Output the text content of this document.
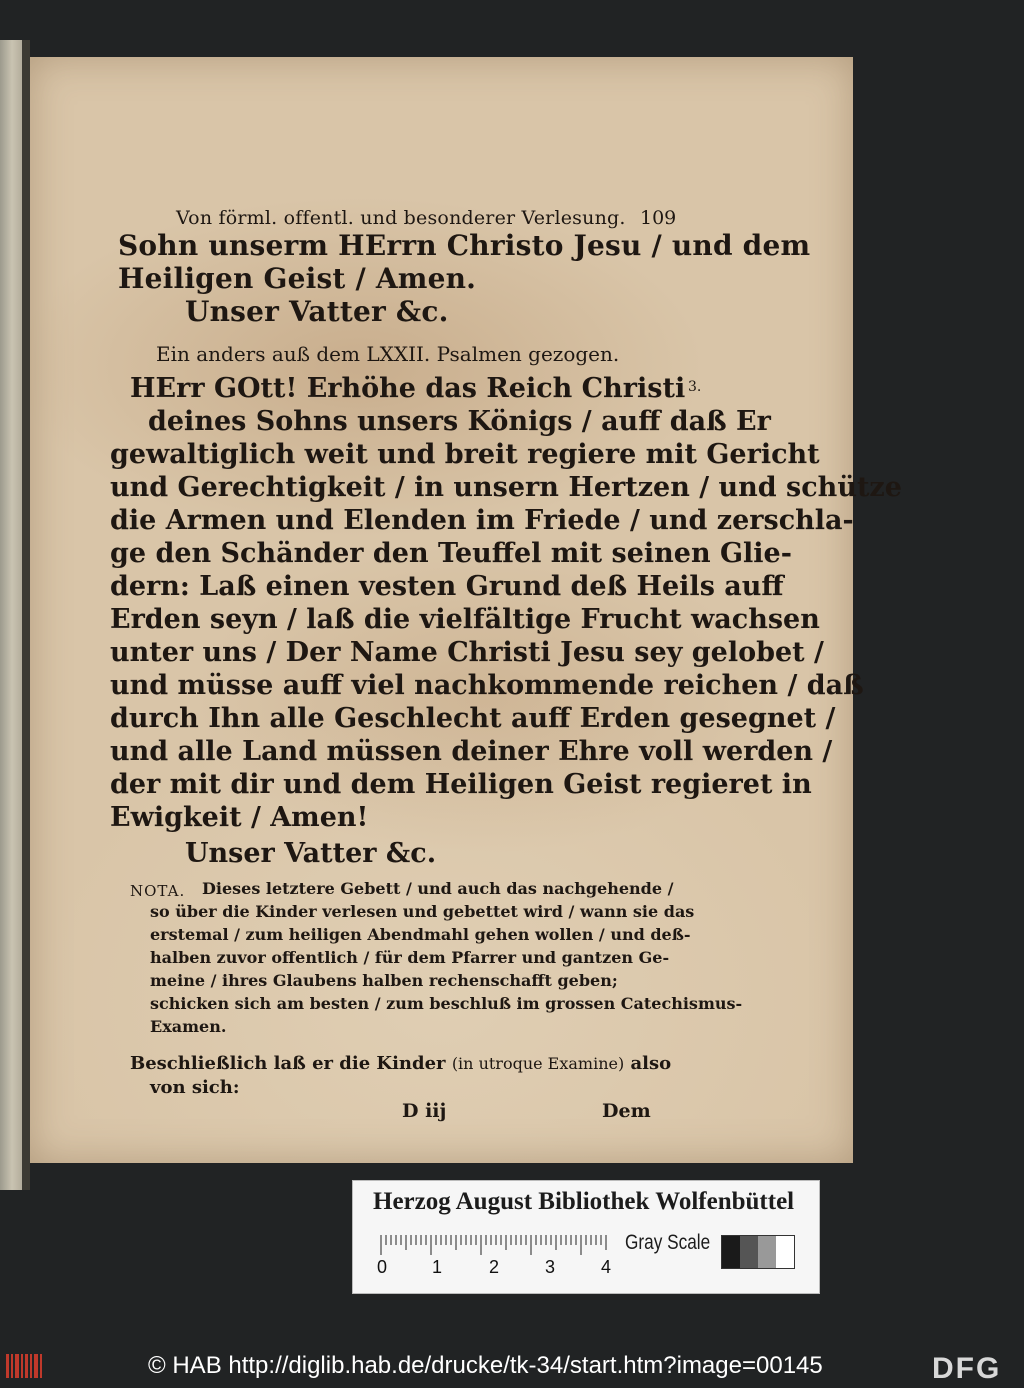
Von förml. offentl. und besonderer Verlesung. 109
Sohn unserm HErrn Christo Jesu / und dem
Heiligen Geist / Amen.
Unser Vatter &c.
Ein anders auß dem LXXII. Psalmen gezogen.
3.
HErr GOtt! Erhöhe das Reich Christi
deines Sohns unsers Königs / auff daß Er
gewaltiglich weit und breit regiere mit Gericht
und Gerechtigkeit / in unsern Hertzen / und schütze
die Armen und Elenden im Friede / und zerschla-
ge den Schänder den Teuffel mit seinen Glie-
dern: Laß einen vesten Grund deß Heils auff
Erden seyn / laß die vielfältige Frucht wachsen
unter uns / Der Name Christi Jesu sey gelobet /
und müsse auff viel nachkommende reichen / daß
durch Ihn alle Geschlecht auff Erden gesegnet /
und alle Land müssen deiner Ehre voll werden /
der mit dir und dem Heiligen Geist regieret in
Ewigkeit / Amen!
Unser Vatter &c.
NOTA. Dieses letztere Gebett / und auch das nachgehende /
so über die Kinder verlesen und gebettet wird / wann sie das
erstemal / zum heiligen Abendmahl gehen wollen / und deß-
halben zuvor offentlich / für dem Pfarrer und gantzen Ge-
meine / ihres Glaubens halben rechenschafft geben;
schicken sich am besten / zum beschluß im grossen Catechismus-
Examen.
Beschließlich laß er die Kinder (in utroque Examine) also
von sich:
D iij	Dem
Herzog August Bibliothek Wolfenbüttel
0 1	2	3	4
Gray Scale
© HAB http://diglib.hab.de/drucke/tk-34/start.htm?image=00145	DFG
